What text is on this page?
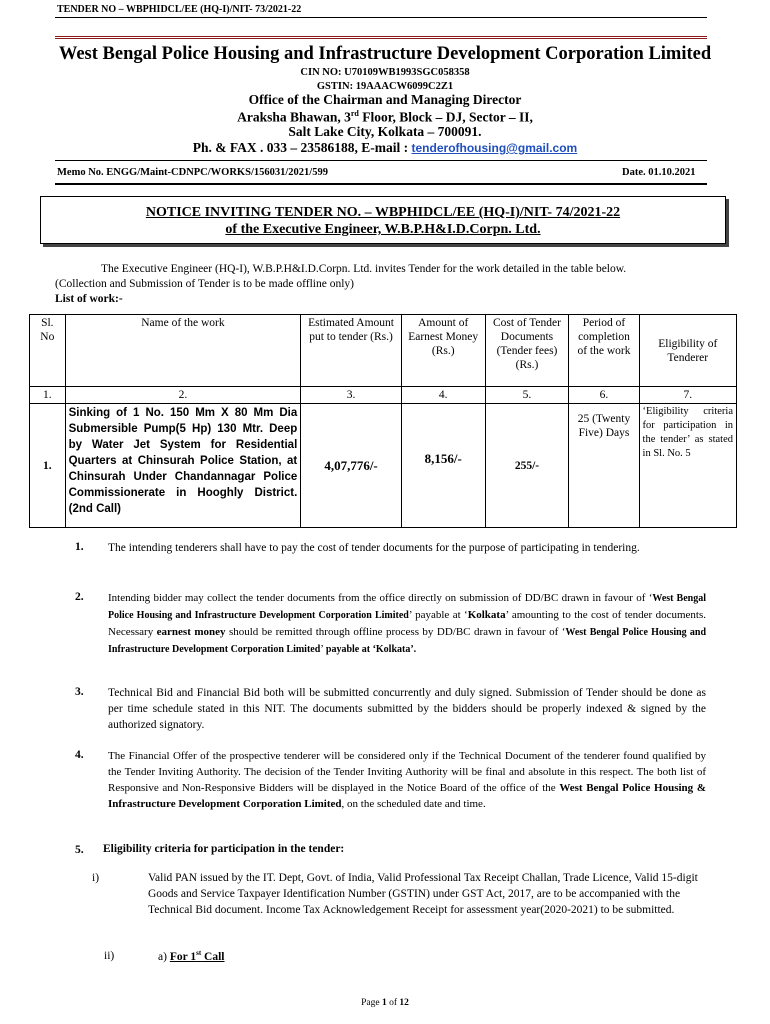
TENDER NO – WBPHIDCL/EE (HQ-I)/NIT- 73/2021-22
West Bengal Police Housing and Infrastructure Development Corporation Limited
CIN NO: U70109WB1993SGC058358
GSTIN: 19AAACW6099C2Z1
Office of the Chairman and Managing Director
Araksha Bhawan, 3rd Floor, Block – DJ, Sector – II,
Salt Lake City, Kolkata – 700091.
Ph. & FAX . 033 – 23586188, E-mail : tenderofhousing@gmail.com
Memo No. ENGG/Maint-CDNPC/WORKS/156031/2021/599	Date. 01.10.2021
NOTICE INVITING TENDER NO. – WBPHIDCL/EE (HQ-I)/NIT- 74/2021-22
of the Executive Engineer, W.B.P.H&I.D.Corpn. Ltd.
The Executive Engineer (HQ-I), W.B.P.H&I.D.Corpn. Ltd. invites Tender for the work detailed in the table below.
(Collection and Submission of Tender is to be made offline only)
List of work:-
Sl. No	Name of the work	Estimated Amount put to tender (Rs.)	Amount of Earnest Money (Rs.)	Cost of Tender Documents (Tender fees) (Rs.)	Period of completion of the work	Eligibility of Tenderer
1.	2.	3.	4.	5.	6.	7.
1.	Sinking of 1 No. 150 Mm X 80 Mm Dia Submersible Pump(5 Hp) 130 Mtr. Deep by Water Jet System for Residential Quarters at Chinsurah Police Station, at Chinsurah Under Chandannagar Police Commissionerate in Hooghly District. (2nd Call)	4,07,776/-	8,156/-	255/-	25 (Twenty Five) Days	‘Eligibility criteria for participation in the tender’ as stated in Sl. No. 5
1. The intending tenderers shall have to pay the cost of tender documents for the purpose of participating in tendering.
2. Intending bidder may collect the tender documents from the office directly on submission of DD/BC drawn in favour of ‘West Bengal Police Housing and Infrastructure Development Corporation Limited’ payable at ‘Kolkata’ amounting to the cost of tender documents. Necessary earnest money should be remitted through offline process by DD/BC drawn in favour of ‘West Bengal Police Housing and Infrastructure Development Corporation Limited’ payable at ‘Kolkata’.
3. Technical Bid and Financial Bid both will be submitted concurrently and duly signed. Submission of Tender should be done as per time schedule stated in this NIT. The documents submitted by the bidders should be properly indexed & signed by the authorized signatory.
4. The Financial Offer of the prospective tenderer will be considered only if the Technical Document of the tenderer found qualified by the Tender Inviting Authority. The decision of the Tender Inviting Authority will be final and absolute in this respect. The both list of Responsive and Non-Responsive Bidders will be displayed in the Notice Board of the office of the West Bengal Police Housing & Infrastructure Development Corporation Limited, on the scheduled date and time.
5. Eligibility criteria for participation in the tender:
i)	Valid PAN issued by the IT. Dept, Govt. of India, Valid Professional Tax Receipt Challan, Trade Licence, Valid 15-digit Goods and Service Taxpayer Identification Number (GSTIN) under GST Act, 2017, are to be accompanied with the Technical Bid document. Income Tax Acknowledgement Receipt for assessment year(2020-2021) to be submitted.
ii)	a) For 1st Call
Page 1 of 12
